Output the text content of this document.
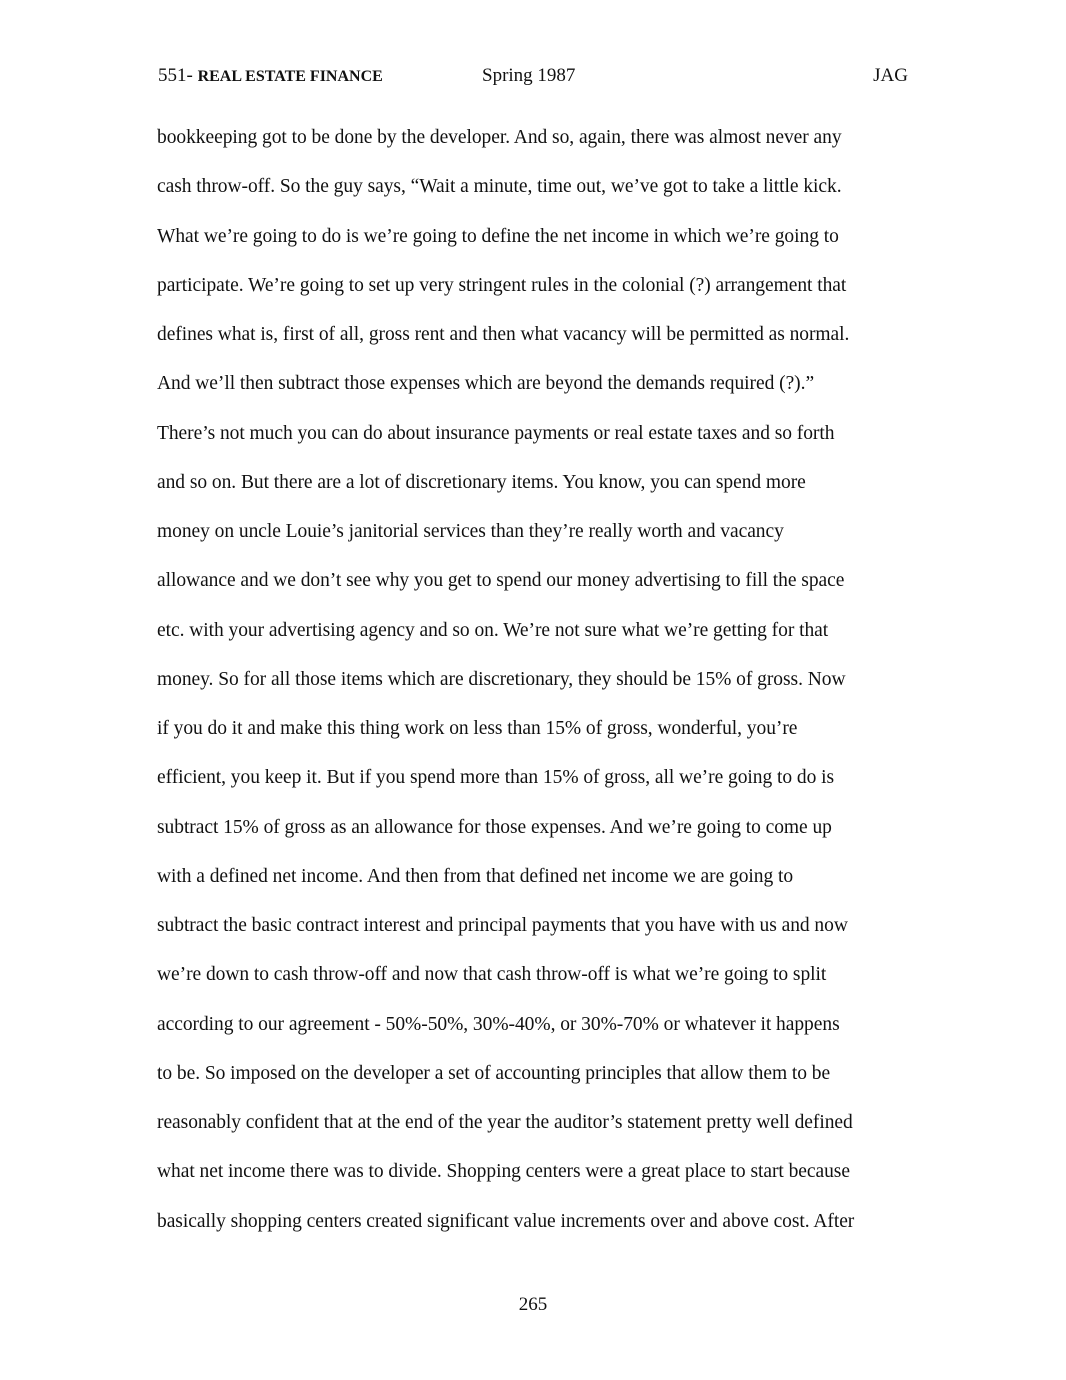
551- REAL ESTATE FINANCE	Spring 1987	JAG
bookkeeping got to be done by the developer. And so, again, there was almost never any
cash throw-off. So the guy says, “Wait a minute, time out, we’ve got to take a little kick.
What we’re going to do is we’re going to define the net income in which we’re going to
participate. We’re going to set up very stringent rules in the colonial (?) arrangement that
defines what is, first of all, gross rent and then what vacancy will be permitted as normal.
And we’ll then subtract those expenses which are beyond the demands required (?).”
There’s not much you can do about insurance payments or real estate taxes and so forth
and so on. But there are a lot of discretionary items. You know, you can spend more
money on uncle Louie’s janitorial services than they’re really worth and vacancy
allowance and we don’t see why you get to spend our money advertising to fill the space
etc. with your advertising agency and so on. We’re not sure what we’re getting for that
money. So for all those items which are discretionary, they should be 15% of gross. Now
if you do it and make this thing work on less than 15% of gross, wonderful, you’re
efficient, you keep it. But if you spend more than 15% of gross, all we’re going to do is
subtract 15% of gross as an allowance for those expenses. And we’re going to come up
with a defined net income. And then from that defined net income we are going to
subtract the basic contract interest and principal payments that you have with us and now
we’re down to cash throw-off and now that cash throw-off is what we’re going to split
according to our agreement - 50%-50%, 30%-40%, or 30%-70% or whatever it happens
to be. So imposed on the developer a set of accounting principles that allow them to be
reasonably confident that at the end of the year the auditor’s statement pretty well defined
what net income there was to divide. Shopping centers were a great place to start because
basically shopping centers created significant value increments over and above cost. After
265
